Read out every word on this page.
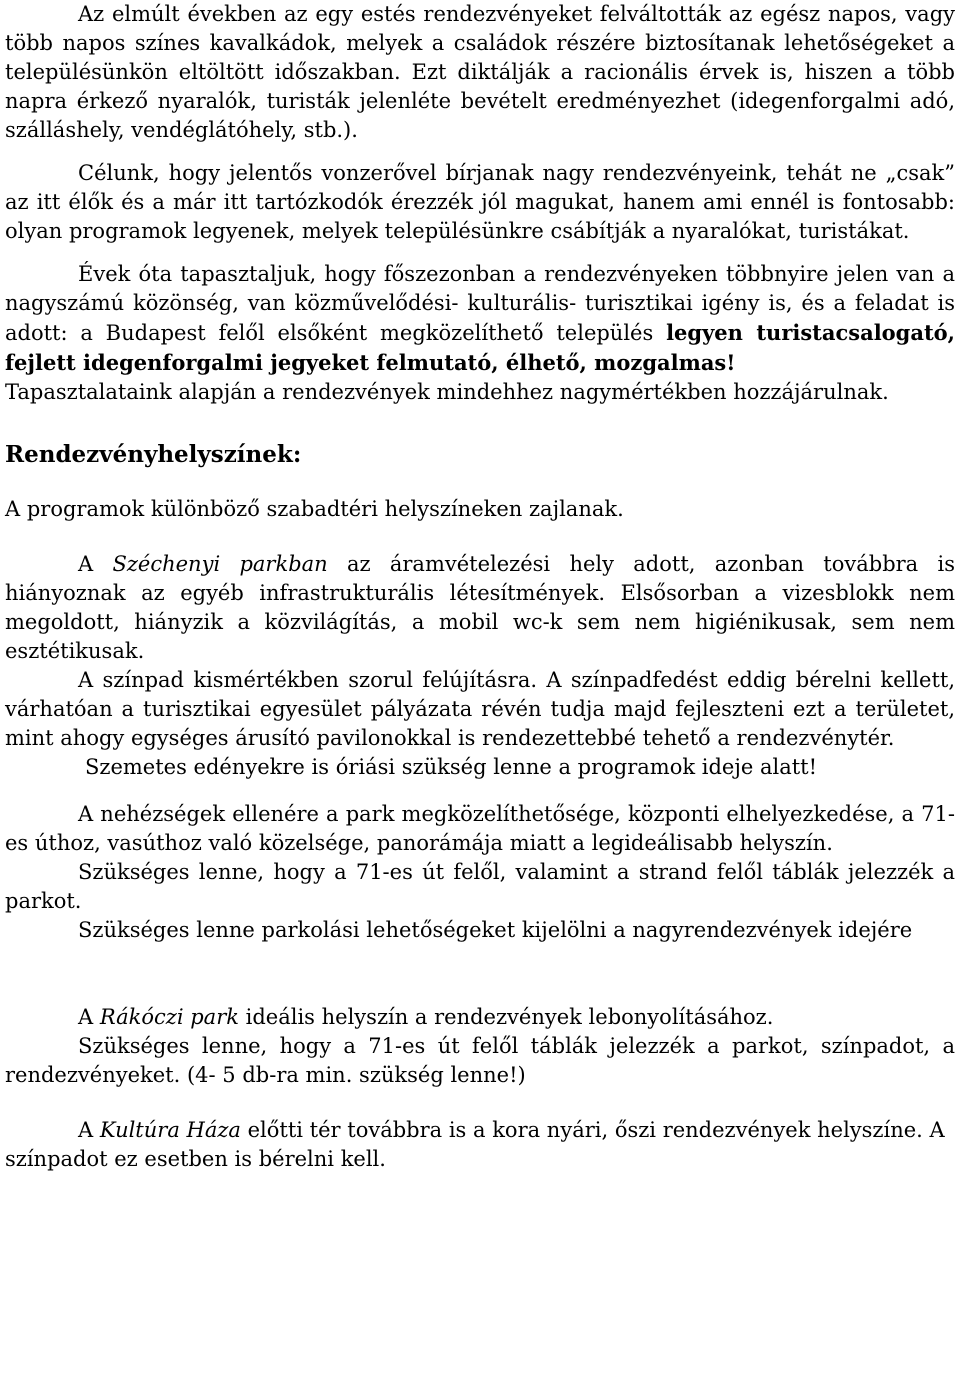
Az elmúlt években az egy estés rendezvényeket felváltották az egész napos, vagy több napos színes kavalkádok, melyek a családok részére biztosítanak lehetőségeket a településünkön eltöltött időszakban. Ezt diktálják a racionális érvek is, hiszen a több napra érkező nyaralók, turisták jelenléte bevételt eredményezhet (idegenforgalmi adó, szálláshely, vendéglátóhely, stb.).

Célunk, hogy jelentős vonzerővel bírjanak nagy rendezvényeink, tehát ne „csak” az itt élők és a már itt tartózkodók érezzék jól magukat, hanem ami ennél is fontosabb: olyan programok legyenek, melyek településünkre csábítják a nyaralókat, turistákat.

Évek óta tapasztaljuk, hogy főszezonban a rendezvényeken többnyire jelen van a nagyszámú közönség, van közművelődési- kulturális- turisztikai igény is, és a feladat is adott: a Budapest felől elsőként megközelíthető település legyen turistacsalogató, fejlett idegenforgalmi jegyeket felmutató, élhető, mozgalmas!

Tapasztalataink alapján a rendezvények mindehhez nagymértékben hozzájárulnak.

Rendezvényhelyszínek:

A programok különböző szabadtéri helyszíneken zajlanak.

A Széchenyi parkban az áramvételezési hely adott, azonban továbbra is hiányoznak az egyéb infrastrukturális létesítmények. Elsősorban a vizesblokk nem megoldott, hiányzik a közvilágítás, a mobil wc-k sem nem higiénikusak, sem nem esztétikusak.

A színpad kismértékben szorul felújításra. A színpadfedést eddig bérelni kellett, várhatóan a turisztikai egyesület pályázata révén tudja majd fejleszteni ezt a területet, mint ahogy egységes árusító pavilonokkal is rendezettebbé tehető a rendezvénytér.

Szemetes edényekre is óriási szükség lenne a programok ideje alatt!

A nehézségek ellenére a park megközelíthetősége, központi elhelyezkedése, a 71-es úthoz, vasúthoz való közelsége, panorámája miatt a legideálisabb helyszín.

Szükséges lenne, hogy a 71-es út felől, valamint a strand felől táblák jelezzék a parkot.

Szükséges lenne parkolási lehetőségeket kijelölni a nagyrendezvények idejére

A Rákóczi park ideális helyszín a rendezvények lebonyolításához.

Szükséges lenne, hogy a 71-es út felől táblák jelezzék a parkot, színpadot, a rendezvényeket. (4- 5 db-ra min. szükség lenne!)

A Kultúra Háza előtti tér továbbra is a kora nyári, őszi rendezvények helyszíne. A színpadot ez esetben is bérelni kell.
